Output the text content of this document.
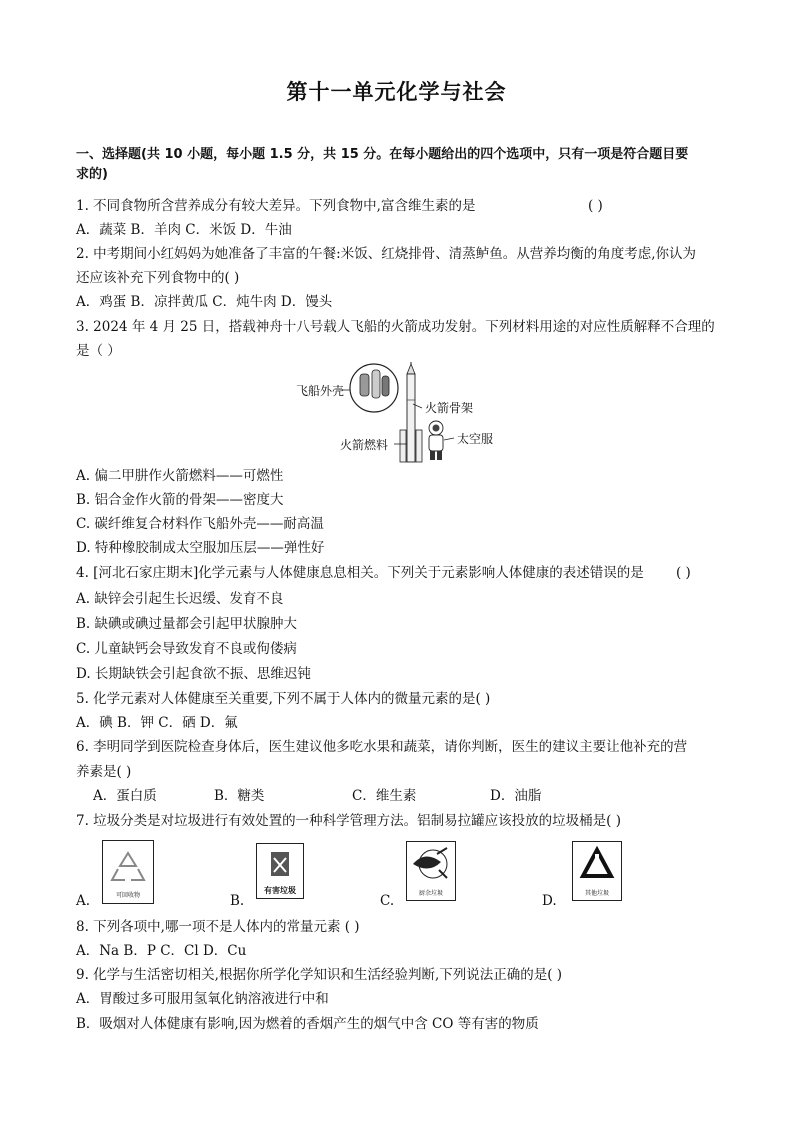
第十一单元化学与社会
一、选择题(共 10 小题，每小题 1.5 分，共 15 分。在每小题给出的四个选项中，只有一项是符合题目要
求的)
1. 不同食物所含营养成分有较大差异。下列食物中,富含维生素的是	( )
A．蔬菜 B．羊肉 C．米饭 D．牛油
2. 中考期间小红妈妈为她准备了丰富的午餐:米饭、红烧排骨、清蒸鲈鱼。从营养均衡的角度考虑,你认为
还应该补充下列食物中的( )
A．鸡蛋 B．凉拌黄瓜 C．炖牛肉 D．馒头
3. 2024 年 4 月 25 日，搭载神舟十八号载人飞船的火箭成功发射。下列材料用途的对应性质解释不合理的
是（ ）
飞船外壳
火箭骨架
火箭燃料	太空服
A. 偏二甲肼作火箭燃料——可燃性
B. 铝合金作火箭的骨架——密度大
C. 碳纤维复合材料作飞船外壳——耐高温
D. 特种橡胶制成太空服加压层——弹性好
4. [河北石家庄期末]化学元素与人体健康息息相关。下列关于元素影响人体健康的表述错误的是 ( )
A. 缺锌会引起生长迟缓、发育不良
B. 缺碘或碘过量都会引起甲状腺肿大
C. 儿童缺钙会导致发育不良或佝偻病
D. 长期缺铁会引起食欲不振、思维迟钝
5. 化学元素对人体健康至关重要,下列不属于人体内的微量元素的是( )
A．碘 B．钾 C．硒 D．氟
6. 李明同学到医院检查身体后，医生建议他多吃水果和蔬菜，请你判断，医生的建议主要让他补充的营
养素是( )
A．蛋白质	B．糖类	C．维生素	D．油脂
7. 垃圾分类是对垃圾进行有效处置的一种科学管理方法。铝制易拉罐应该投放的垃圾桶是( )
可回收物
A.
有害垃圾
B.	厨余垃圾
C.	其他垃圾
D.
8. 下列各项中,哪一项不是人体内的常量元素 ( )
A．Na B．P C．Cl D．Cu
9. 化学与生活密切相关,根据你所学化学知识和生活经验判断,下列说法正确的是( )
A．胃酸过多可服用氢氧化钠溶液进行中和
B．吸烟对人体健康有影响,因为燃着的香烟产生的烟气中含 CO 等有害的物质
